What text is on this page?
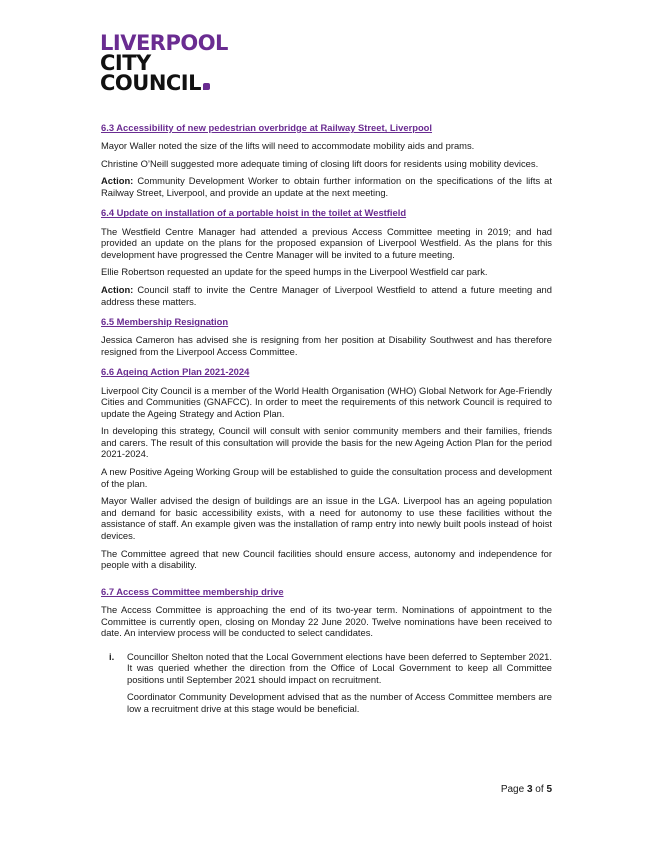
LIVERPOOL
CITY
COUNCIL
6.3 Accessibility of new pedestrian overbridge at Railway Street, Liverpool

Mayor Waller noted the size of the lifts will need to accommodate mobility aids and prams.

Christine O’Neill suggested more adequate timing of closing lift doors for residents using mobility devices.

Action: Community Development Worker to obtain further information on the specifications of the lifts at Railway Street, Liverpool, and provide an update at the next meeting.

6.4 Update on installation of a portable hoist in the toilet at Westfield

The Westfield Centre Manager had attended a previous Access Committee meeting in 2019; and had provided an update on the plans for the proposed expansion of Liverpool Westfield. As the plans for this development have progressed the Centre Manager will be invited to a future meeting.

Ellie Robertson requested an update for the speed humps in the Liverpool Westfield car park.

Action: Council staff to invite the Centre Manager of Liverpool Westfield to attend a future meeting and address these matters.

6.5 Membership Resignation

Jessica Cameron has advised she is resigning from her position at Disability Southwest and has therefore resigned from the Liverpool Access Committee.

6.6 Ageing Action Plan 2021-2024

Liverpool City Council is a member of the World Health Organisation (WHO) Global Network for Age-Friendly Cities and Communities (GNAFCC). In order to meet the requirements of this network Council is required to update the Ageing Strategy and Action Plan.

In developing this strategy, Council will consult with senior community members and their families, friends and carers. The result of this consultation will provide the basis for the new Ageing Action Plan for the period 2021-2024.

A new Positive Ageing Working Group will be established to guide the consultation process and development of the plan.

Mayor Waller advised the design of buildings are an issue in the LGA. Liverpool has an ageing population and demand for basic accessibility exists, with a need for autonomy to use these facilities without the assistance of staff. An example given was the installation of ramp entry into newly built pools instead of hoist devices.

The Committee agreed that new Council facilities should ensure access, autonomy and independence for people with a disability.

6.7 Access Committee membership drive

The Access Committee is approaching the end of its two-year term. Nominations of appointment to the Committee is currently open, closing on Monday 22 June 2020. Twelve nominations have been received to date. An interview process will be conducted to select candidates.

i.	Councillor Shelton noted that the Local Government elections have been deferred to September 2021. It was queried whether the direction from the Office of Local Government to keep all Committee positions until September 2021 should impact on recruitment.

Coordinator Community Development advised that as the number of Access Committee members are low a recruitment drive at this stage would be beneficial.

Page 3 of 5
